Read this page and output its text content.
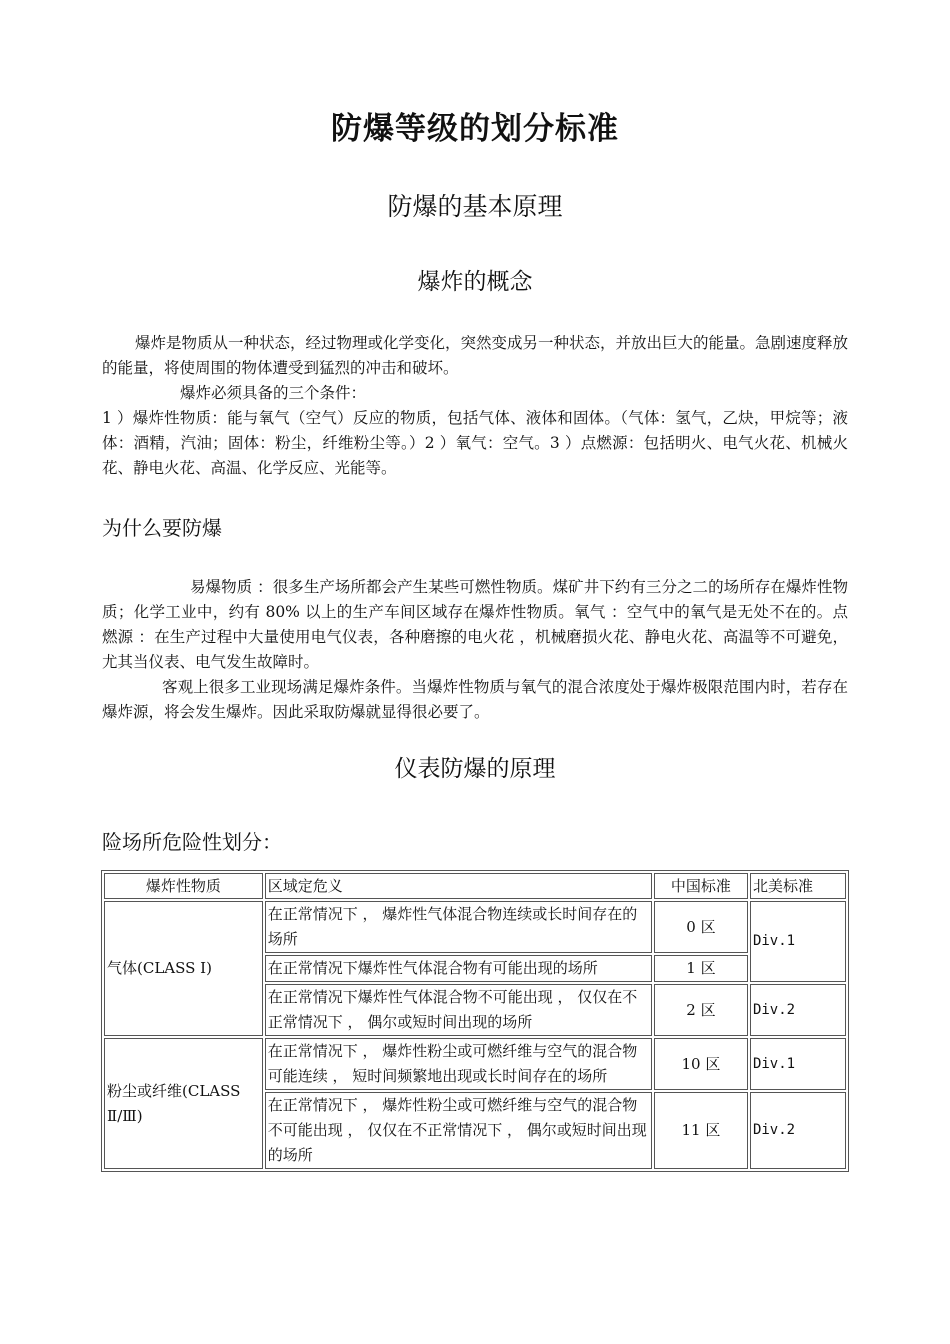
防爆等级的划分标准
防爆的基本原理
爆炸的概念

爆炸是物质从一种状态，经过物理或化学变化，突然变成另一种状态，并放出巨大的能量。急剧速度释放的能量，将使周围的物体遭受到猛烈的冲击和破坏。

爆炸必须具备的三个条件：

1 ）爆炸性物质：能与氧气（空气）反应的物质，包括气体、液体和固体。（气体：氢气，乙炔，甲烷等；液体：酒精，汽油；固体：粉尘，纤维粉尘等。）2 ）氧气：空气。3 ）点燃源：包括明火、电气火花、机械火花、静电火花、高温、化学反应、光能等。

为什么要防爆

易爆物质 ：很多生产场所都会产生某些可燃性物质。煤矿井下约有三分之二的场所存在爆炸性物质；化学工业中，约有 80% 以上的生产车间区域存在爆炸性物质。氧气 ：空气中的氧气是无处不在的。点燃源 ：在生产过程中大量使用电气仪表，各种磨擦的电火花 ，机械磨损火花、静电火花、高温等不可避免，尤其当仪表、电气发生故障时。

客观上很多工业现场满足爆炸条件。当爆炸性物质与氧气的混合浓度处于爆炸极限范围内时，若存在爆炸源，将会发生爆炸。因此采取防爆就显得很必要了。

仪表防爆的原理
险场所危险性划分：
爆炸性物质	区域定危义	中国标准	北美标准
气体(CLASS Ⅰ)	在正常情况下 ， 爆炸性气体混合物连续或长时间存在的场所	0 区	Div.1
	在正常情况下爆炸性气体混合物有可能出现的场所	1 区	
	在正常情况下爆炸性气体混合物不可能出现 ， 仅仅在不正常情况下 ， 偶尔或短时间出现的场所	2 区	Div.2
粉尘或纤维(CLASS Ⅱ/Ⅲ)	在正常情况下 ， 爆炸性粉尘或可燃纤维与空气的混合物可能连续 ， 短时间频繁地出现或长时间存在的场所	10 区	Div.1
	在正常情况下 ， 爆炸性粉尘或可燃纤维与空气的混合物不可能出现 ， 仅仅在不正常情况下 ， 偶尔或短时间出现的场所	11 区	Div.2
